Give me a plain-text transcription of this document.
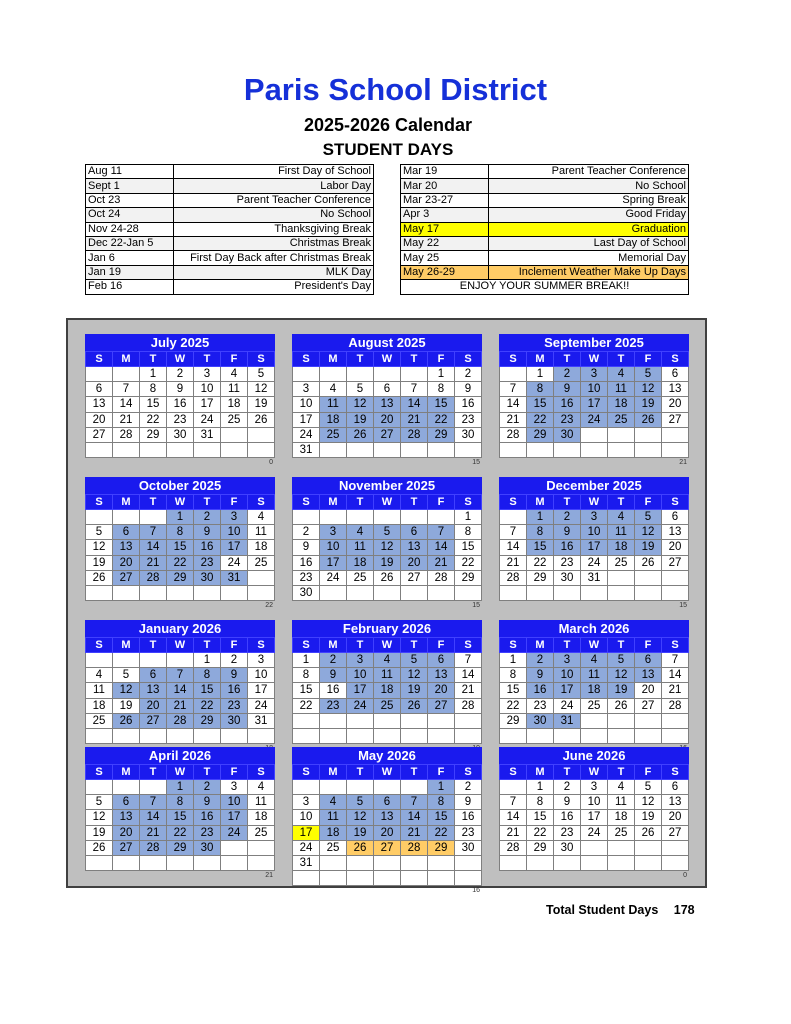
Paris School District
2025-2026 Calendar
STUDENT DAYS
Aug 11	First Day of School
Sept 1	Labor Day
Oct 23	Parent Teacher Conference
Oct 24	No School
Nov 24-28	Thanksgiving Break
Dec 22-Jan 5	Christmas Break
Jan 6	First Day Back after Christmas Break
Jan 19	MLK Day
Feb 16	President's Day
Mar 19	Parent Teacher Conference
Mar 20	No School
Mar 23-27	Spring Break
Apr 3	Good Friday
May 17	Graduation
May 22	Last Day of School
May 25	Memorial Day
May 26-29	Inclement Weather Make Up Days
ENJOY YOUR SUMMER BREAK!!	
July 2025
S	M	T	W	T	F	S
		1	2	3	4	5
6	7	8	9	10	11	12
13	14	15	16	17	18	19
20	21	22	23	24	25	26
27	28	29	30	31		

0
August 2025
S	M	T	W	T	F	S
					1	2
3	4	5	6	7	8	9
10	11	12	13	14	15	16
17	18	19	20	21	22	23
24	25	26	27	28	29	30
31						
15
September 2025
S	M	T	W	T	F	S
	1	2	3	4	5	6
7	8	9	10	11	12	13
14	15	16	17	18	19	20
21	22	23	24	25	26	27
28	29	30				

21
October 2025
S	M	T	W	T	F	S
			1	2	3	4
5	6	7	8	9	10	11
12	13	14	15	16	17	18
19	20	21	22	23	24	25
26	27	28	29	30	31	

22
November 2025
S	M	T	W	T	F	S
						1
2	3	4	5	6	7	8
9	10	11	12	13	14	15
16	17	18	19	20	21	22
23	24	25	26	27	28	29
30						
15
December 2025
S	M	T	W	T	F	S
	1	2	3	4	5	6
7	8	9	10	11	12	13
14	15	16	17	18	19	20
21	22	23	24	25	26	27
28	29	30	31			

15
January 2026
S	M	T	W	T	F	S
				1	2	3
4	5	6	7	8	9	10
11	12	13	14	15	16	17
18	19	20	21	22	23	24
25	26	27	28	29	30	31

February 2026
S	M	T	W	T	F	S
1	2	3	4	5	6	7
8	9	10	11	12	13	14
15	16	17	18	19	20	21
22	23	24	25	26	27	28

March 2026
S	M	T	W	T	F	S
1	2	3	4	5	6	7
8	9	10	11	12	13	14
15	16	17	18	19	20	21
22	23	24	25	26	27	28
29	30	31				

April 2026
S	M	T	W	T	F	S
			1	2	3	4
5	6	7	8	9	10	11
12	13	14	15	16	17	18
19	20	21	22	23	24	25
26	27	28	29	30		

21
May 2026
S	M	T	W	T	F	S
					1	2
3	4	5	6	7	8	9
10	11	12	13	14	15	16
17	18	19	20	21	22	23
24	25	26	27	28	29	30
31						

16
June 2026
S	M	T	W	T	F	S
	1	2	3	4	5	6
7	8	9	10	11	12	13
14	15	16	17	18	19	20
21	22	23	24	25	26	27
28	29	30				

0
Total Student Days 178
